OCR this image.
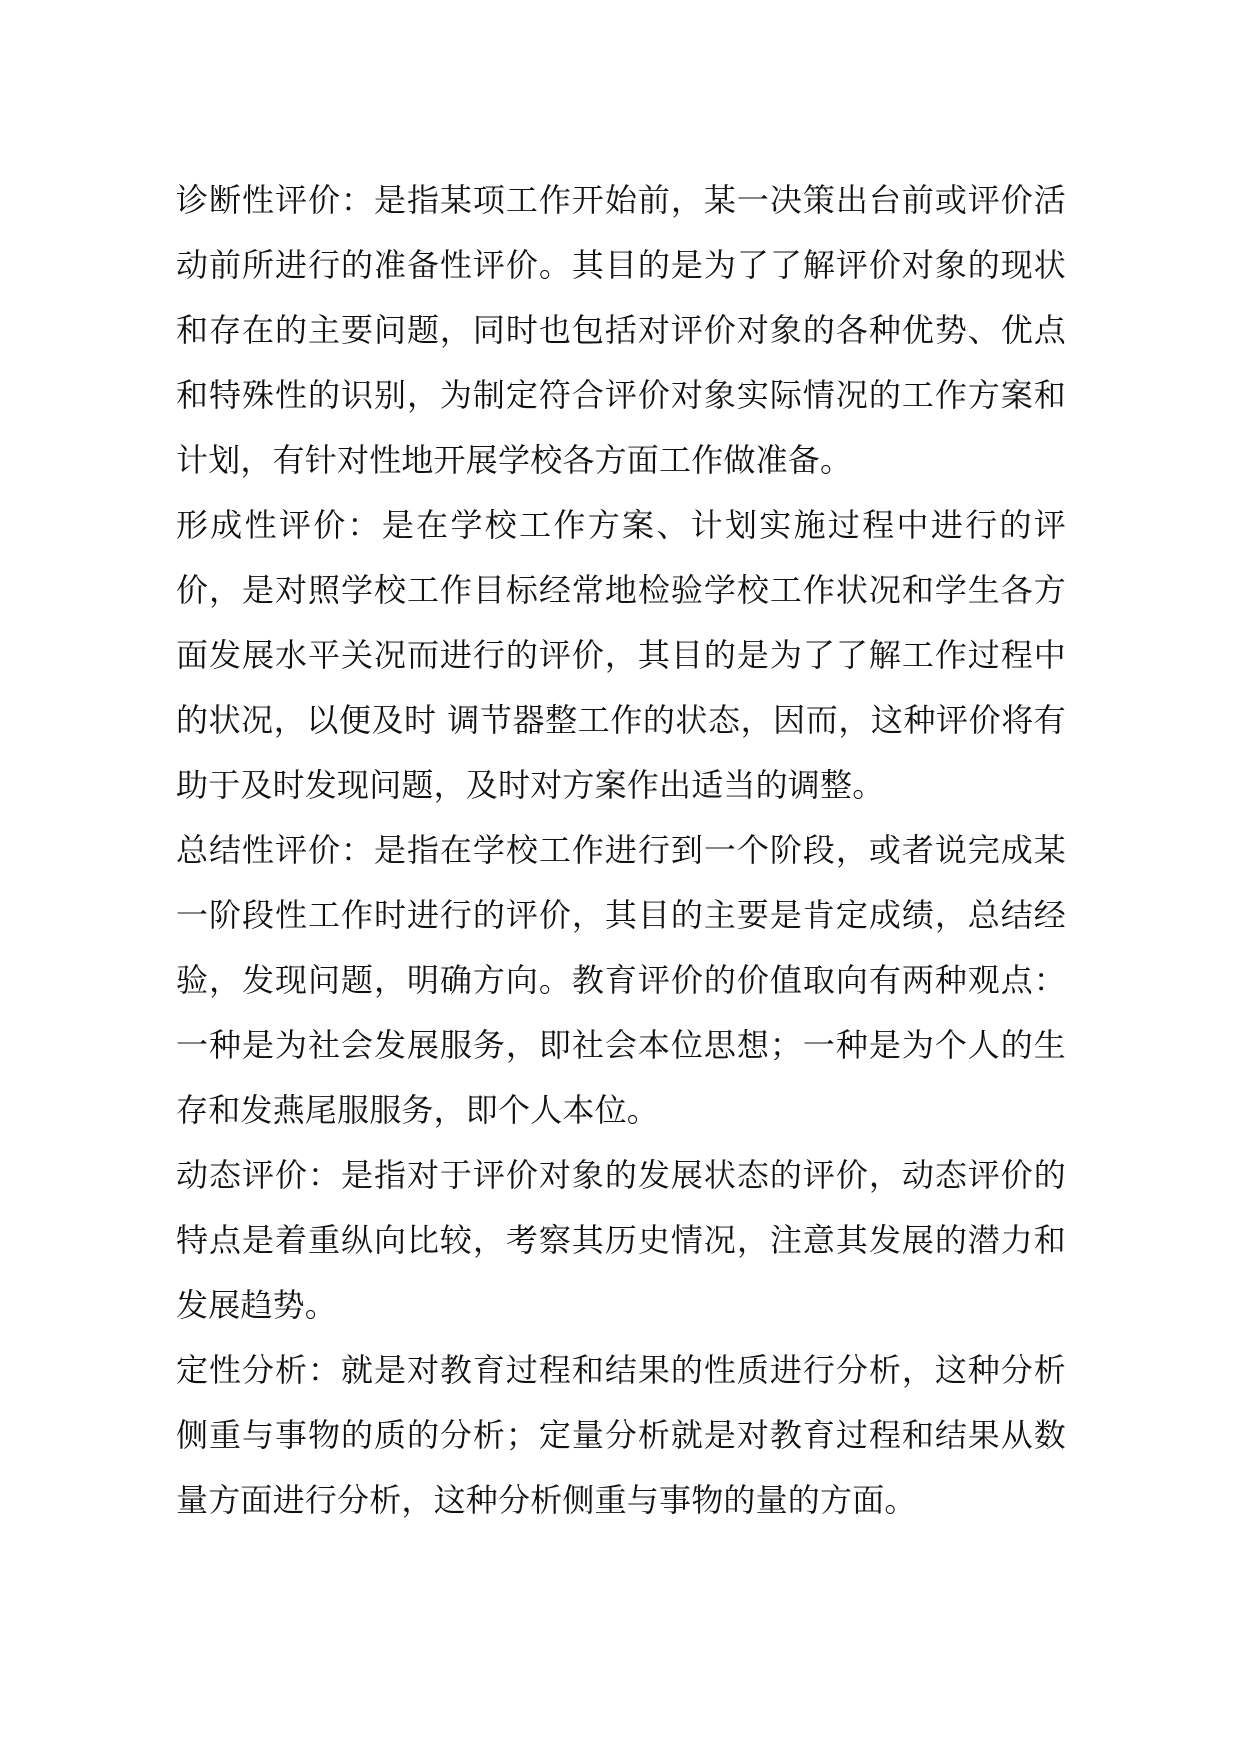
诊断性评价：是指某项工作开始前，某一决策出台前或评价活动前所进行的准备性评价。其目的是为了了解评价对象的现状和存在的主要问题，同时也包括对评价对象的各种优势、优点和特殊性的识别，为制定符合评价对象实际情况的工作方案和计划，有针对性地开展学校各方面工作做准备。

形成性评价：是在学校工作方案、计划实施过程中进行的评价，是对照学校工作目标经常地检验学校工作状况和学生各方面发展水平关况而进行的评价，其目的是为了了解工作过程中的状况，以便及时 调节器整工作的状态，因而，这种评价将有助于及时发现问题，及时对方案作出适当的调整。

总结性评价：是指在学校工作进行到一个阶段，或者说完成某一阶段性工作时进行的评价，其目的主要是肯定成绩，总结经验，发现问题，明确方向。教育评价的价值取向有两种观点：一种是为社会发展服务，即社会本位思想；一种是为个人的生存和发燕尾服服务，即个人本位。

动态评价：是指对于评价对象的发展状态的评价，动态评价的特点是着重纵向比较，考察其历史情况，注意其发展的潜力和发展趋势。

定性分析：就是对教育过程和结果的性质进行分析，这种分析侧重与事物的质的分析；定量分析就是对教育过程和结果从数量方面进行分析，这种分析侧重与事物的量的方面。
